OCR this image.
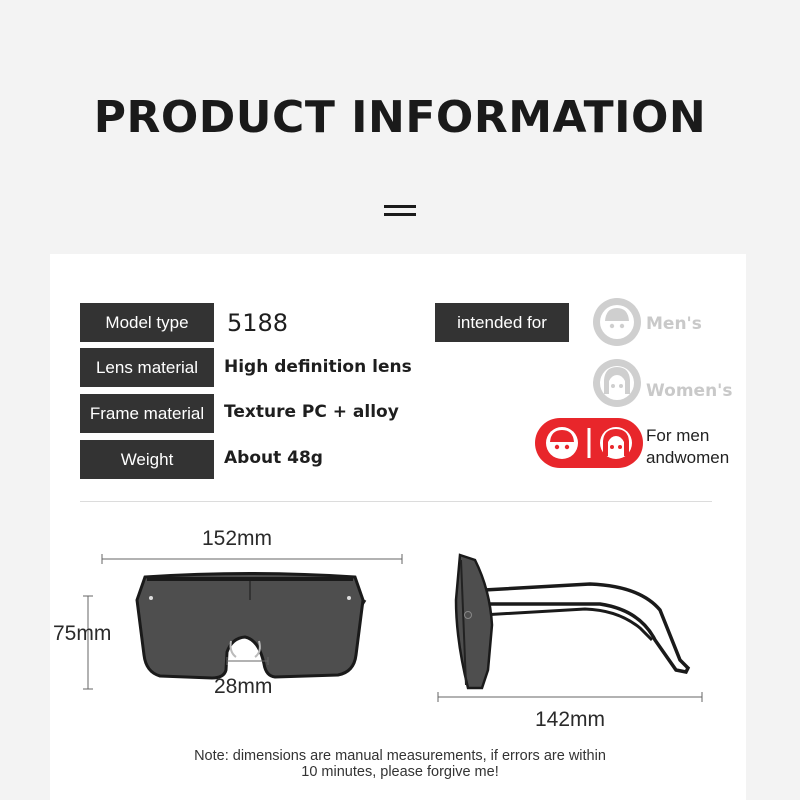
PRODUCT INFORMATION
Model type
Lens material
Frame material
Weight
5188
High definition lens
Texture PC + alloy
About 48g
intended for	Men's
Women's
For men
andwomen
152mm
75mm
28mm
142mm
Note: dimensions are manual measurements, if errors are within
10 minutes, please forgive me!
